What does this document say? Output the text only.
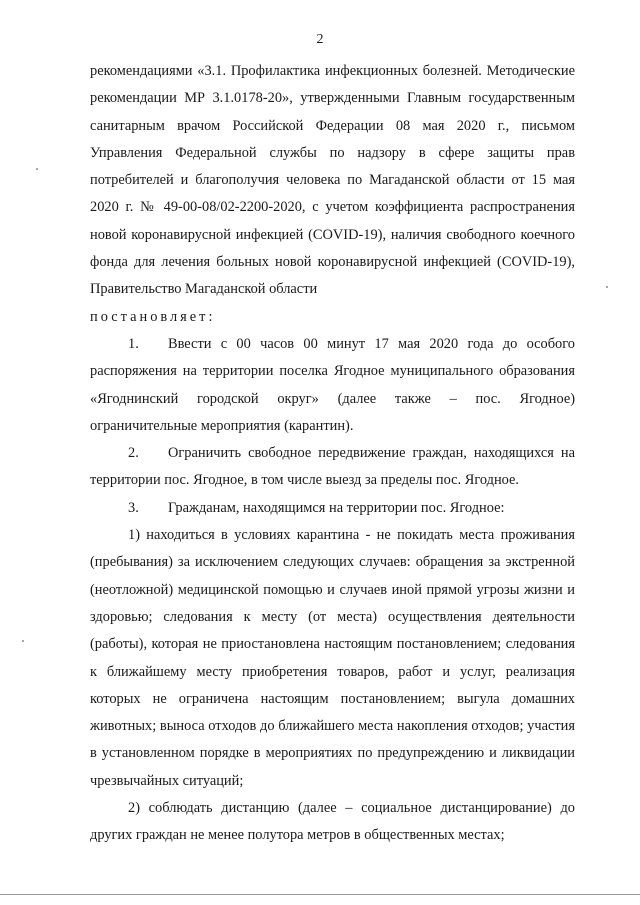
2

рекомендациями «3.1. Профилактика инфекционных болезней. Методические рекомендации МР 3.1.0178-20», утвержденными Главным государственным санитарным врачом Российской Федерации 08 мая 2020 г., письмом Управления Федеральной службы по надзору в сфере защиты прав потребителей и благополучия человека по Магаданской области от 15 мая 2020 г. № 49-00-08/02-2200-2020, с учетом коэффициента распространения новой коронавирусной инфекцией (COVID-19), наличия свободного коечного фонда для лечения больных новой коронавирусной инфекцией (COVID-19), Правительство Магаданской области

постановляет:

1. Ввести с 00 часов 00 минут 17 мая 2020 года до особого распоряжения на территории поселка Ягодное муниципального образования «Ягоднинский городской округ» (далее также – пос. Ягодное) ограничительные мероприятия (карантин).

2. Ограничить свободное передвижение граждан, находящихся на территории пос. Ягодное, в том числе выезд за пределы пос. Ягодное.

3. Гражданам, находящимся на территории пос. Ягодное:

1) находиться в условиях карантина - не покидать места проживания (пребывания) за исключением следующих случаев: обращения за экстренной (неотложной) медицинской помощью и случаев иной прямой угрозы жизни и здоровью; следования к месту (от места) осуществления деятельности (работы), которая не приостановлена настоящим постановлением; следования к ближайшему месту приобретения товаров, работ и услуг, реализация которых не ограничена настоящим постановлением; выгула домашних животных; выноса отходов до ближайшего места накопления отходов; участия в установленном порядке в мероприятиях по предупреждению и ликвидации чрезвычайных ситуаций;

2) соблюдать дистанцию (далее – социальное дистанцирование) до других граждан не менее полутора метров в общественных местах;
